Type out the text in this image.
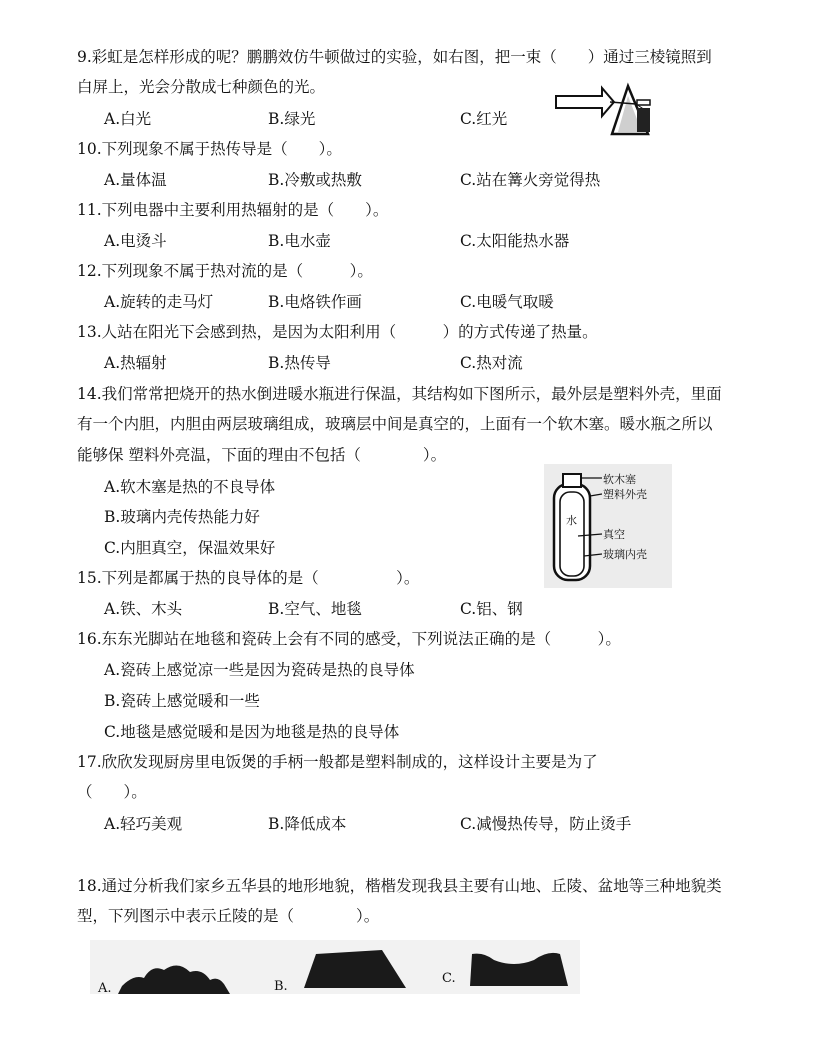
9.彩虹是怎样形成的呢？鹏鹏效仿牛顿做过的实验，如右图，把一束（　　）通过三棱镜照到
白屏上，光会分散成七种颜色的光。
A.白光	B.绿光	C.红光
10.下列现象不属于热传导是（　　）。
A.量体温	B.冷敷或热敷	C.站在篝火旁觉得热
11.下列电器中主要利用热辐射的是（　　）。
A.电烫斗	B.电水壶	C.太阳能热水器
12.下列现象不属于热对流的是（　　　）。
A.旋转的走马灯	B.电烙铁作画	C.电暖气取暖
13.人站在阳光下会感到热，是因为太阳利用（　　　）的方式传递了热量。
A.热辐射	B.热传导	C.热对流
14.我们常常把烧开的热水倒进暖水瓶进行保温，其结构如下图所示，最外层是塑料外壳，里面
有一个内胆，内胆由两层玻璃组成，玻璃层中间是真空的，上面有一个软木塞。暖水瓶之所以
能够保 塑料外亮温，下面的理由不包括（　　　　）。
A.软木塞是热的不良导体
B.玻璃内壳传热能力好
C.内胆真空，保温效果好
软木塞
塑料外壳
水
真空
玻璃内壳
15.下列是都属于热的良导体的是（　　　　　）。
A.铁、木头	B.空气、地毯	C.铝、钢
16.东东光脚站在地毯和瓷砖上会有不同的感受，下列说法正确的是（　　　）。
A.瓷砖上感觉凉一些是因为瓷砖是热的良导体
B.瓷砖上感觉暖和一些
C.地毯是感觉暖和是因为地毯是热的良导体
17.欣欣发现厨房里电饭煲的手柄一般都是塑料制成的，这样设计主要是为了
（　　）。
A.轻巧美观	B.降低成本	C.减慢热传导，防止烫手
18.通过分析我们家乡五华县的地形地貌，楷楷发现我县主要有山地、丘陵、盆地等三种地貌类
型，下列图示中表示丘陵的是（　　　　）。
A.	B.
C.
